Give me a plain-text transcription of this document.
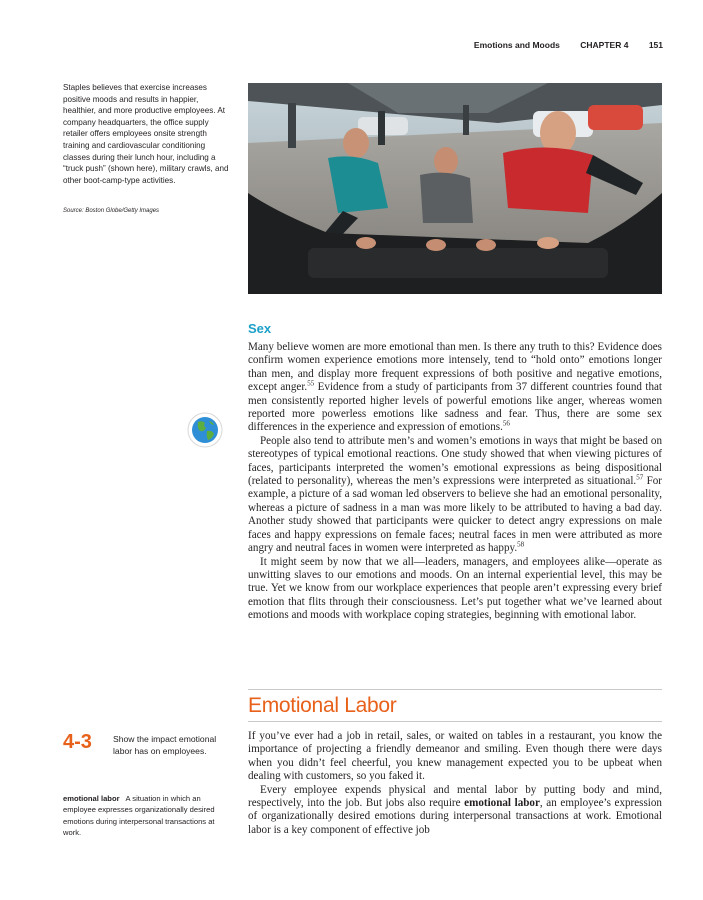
Emotions and Moods CHAPTER 4 151

Staples believes that exercise increases positive moods and results in happier, healthier, and more productive employees. At company headquarters, the office supply retailer offers employees onsite strength training and cardiovascular conditioning classes during their lunch hour, including a “truck push” (shown here), military crawls, and other boot-camp-type activities.

Source: Boston Globe/Getty Images
Sex

Many believe women are more emotional than men. Is there any truth to this? Evidence does confirm women experience emotions more intensely, tend to “hold onto” emotions longer than men, and display more frequent expressions of both positive and negative emotions, except anger.$^{55}$ Evidence from a study of participants from 37 different countries found that men consistently reported higher levels of powerful emotions like anger, whereas women reported more powerless emotions like sadness and fear. Thus, there are some sex differences in the experience and expression of emotions.$^{56}$

People also tend to attribute men’s and women’s emotions in ways that might be based on stereotypes of typical emotional reactions. One study showed that when viewing pictures of faces, participants interpreted the women’s emotional expressions as being dispositional (related to personality), whereas the men’s expressions were interpreted as situational.$^{57}$ For example, a picture of a sad woman led observers to believe she had an emotional personality, whereas a picture of sadness in a man was more likely to be attributed to having a bad day. Another study showed that participants were quicker to detect angry expressions on male faces and happy expressions on female faces; neutral faces in men were attributed as more angry and neutral faces in women were interpreted as happy.$^{58}$

It might seem by now that we all—leaders, managers, and employees alike—operate as unwitting slaves to our emotions and moods. On an internal experiential level, this may be true. Yet we know from our workplace experiences that people aren’t expressing every brief emotion that flits through their consciousness. Let’s put together what we’ve learned about emotions and moods with workplace coping strategies, beginning with emotional labor.

Emotional Labor
4-3 Show the impact emotional labor has on employees.

If you’ve ever had a job in retail, sales, or waited on tables in a restaurant, you know the importance of projecting a friendly demeanor and smiling. Even though there were days when you didn’t feel cheerful, you knew management expected you to be upbeat when dealing with customers, so you faked it.

Every employee expends physical and mental labor by putting body and mind, respectively, into the job. But jobs also require emotional labor, an employee’s expression of organizationally desired emotions during interpersonal transactions at work. Emotional labor is a key component of effective job

emotional labor A situation in which an employee expresses organizationally desired emotions during interpersonal transactions at work.
